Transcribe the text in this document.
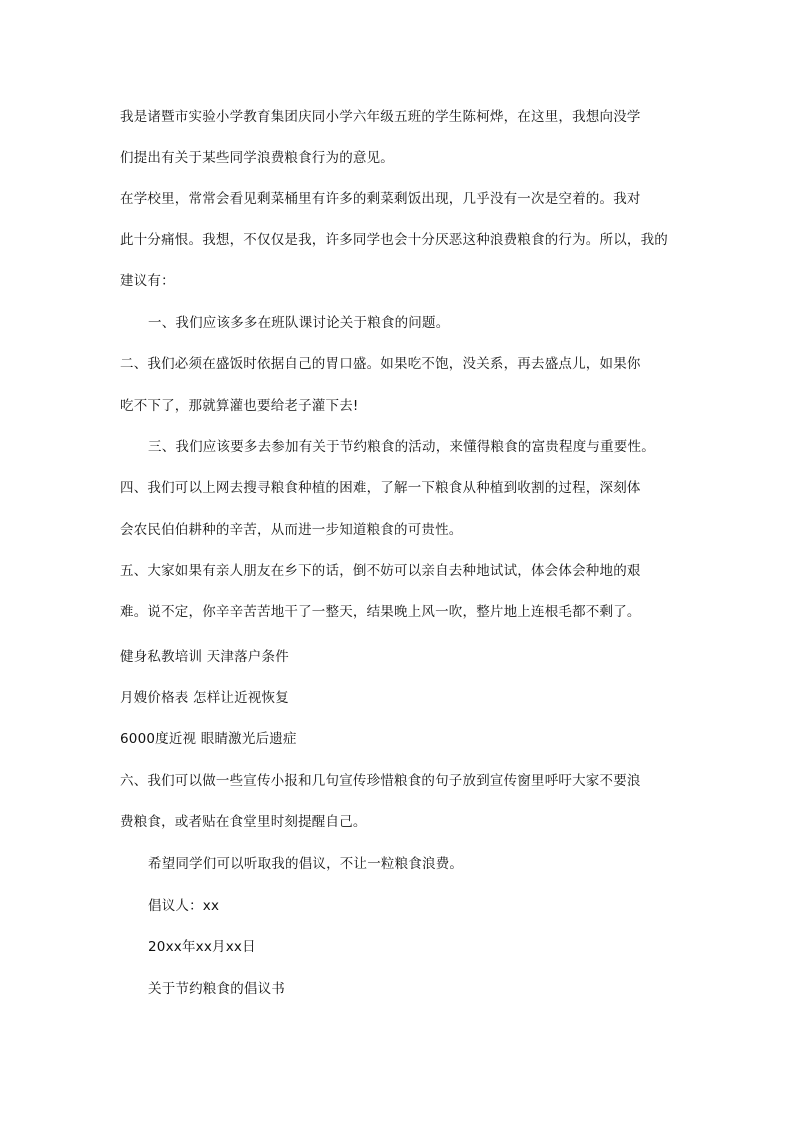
我是诸暨市实验小学教育集团庆同小学六年级五班的学生陈柯烨，在这里，我想向没学
们提出有关于某些同学浪费粮食行为的意见。
在学校里，常常会看见剩菜桶里有许多的剩菜剩饭出现，几乎没有一次是空着的。我对
此十分痛恨。我想，不仅仅是我，许多同学也会十分厌恶这种浪费粮食的行为。所以，我的
建议有：
一、我们应该多多在班队课讨论关于粮食的问题。
二、我们必须在盛饭时依据自己的胃口盛。如果吃不饱，没关系，再去盛点儿，如果你
吃不下了，那就算灌也要给老子灌下去!
三、我们应该要多去参加有关于节约粮食的活动，来懂得粮食的富贵程度与重要性。
四、我们可以上网去搜寻粮食种植的困难，了解一下粮食从种植到收割的过程，深刻体
会农民伯伯耕种的辛苦，从而进一步知道粮食的可贵性。
五、大家如果有亲人朋友在乡下的话，倒不妨可以亲自去种地试试，体会体会种地的艰
难。说不定，你辛辛苦苦地干了一整天，结果晚上风一吹，整片地上连根毛都不剩了。
健身私教培训 天津落户条件
月嫂价格表 怎样让近视恢复
6000度近视 眼睛激光后遗症
六、我们可以做一些宣传小报和几句宣传珍惜粮食的句子放到宣传窗里呼吁大家不要浪
费粮食，或者贴在食堂里时刻提醒自己。
希望同学们可以听取我的倡议，不让一粒粮食浪费。
倡议人：xx
20xx年xx月xx日
关于节约粮食的倡议书
